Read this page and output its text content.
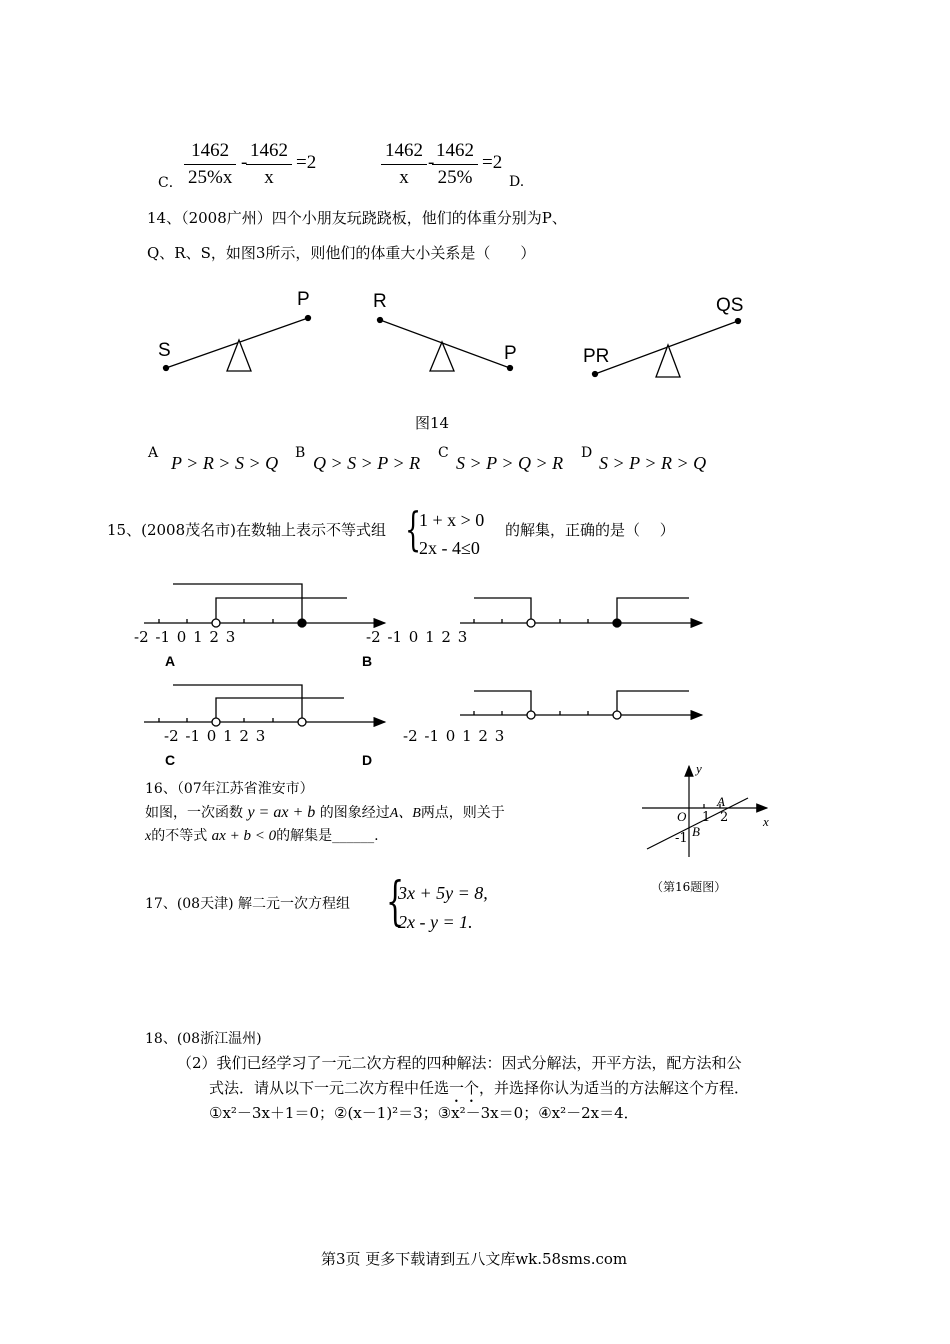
C．
1462
25%x
-
1462
x
=2
1462
x
-
1462
25%
=2
D.
14、（2008广州）四个小朋友玩跷跷板，他们的体重分别为P、
Q、R、S，如图3所示，则他们的体重大小关系是（　　）
S
P	R
P	PR
QS
图14
A P > R > S > Q B Q > S > P > R C S > P > Q > R D S > P > R > Q
15、(2008茂名市)在数轴上表示不等式组 {
1 + x > 0
2x - 4≤0
的解集，正确的是（　 ）
-2 -1 0 1 2 3	-2 -1 0 1 2 3
-2 -1 0 1 2 3	-2 -1 0 1 2 3
A	B
C	D
16、（07年江苏省淮安市）
如图，一次函数 y = ax + b 的图象经过A、B两点，则关于
x的不等式 ax + b < 0的解集是______.
y
x
O
A
B
1 2
-1
（第16题图）
17、(08天津) 解二元一次方程组 {
3x + 5y = 8,
2x - y = 1.
18、(08浙江温州)
（2）我们已经学习了一元二次方程的四种解法：因式分解法，开平方法，配方法和公
式法．请从以下一元二次方程中任选一个，并选择你认为适当的方法解这个方程．
①x²－3x＋1＝0；②(x－1)²＝3；③x²－3x＝0；④x²－2x＝4．
第3页 更多下载请到五八文库wk.58sms.com
